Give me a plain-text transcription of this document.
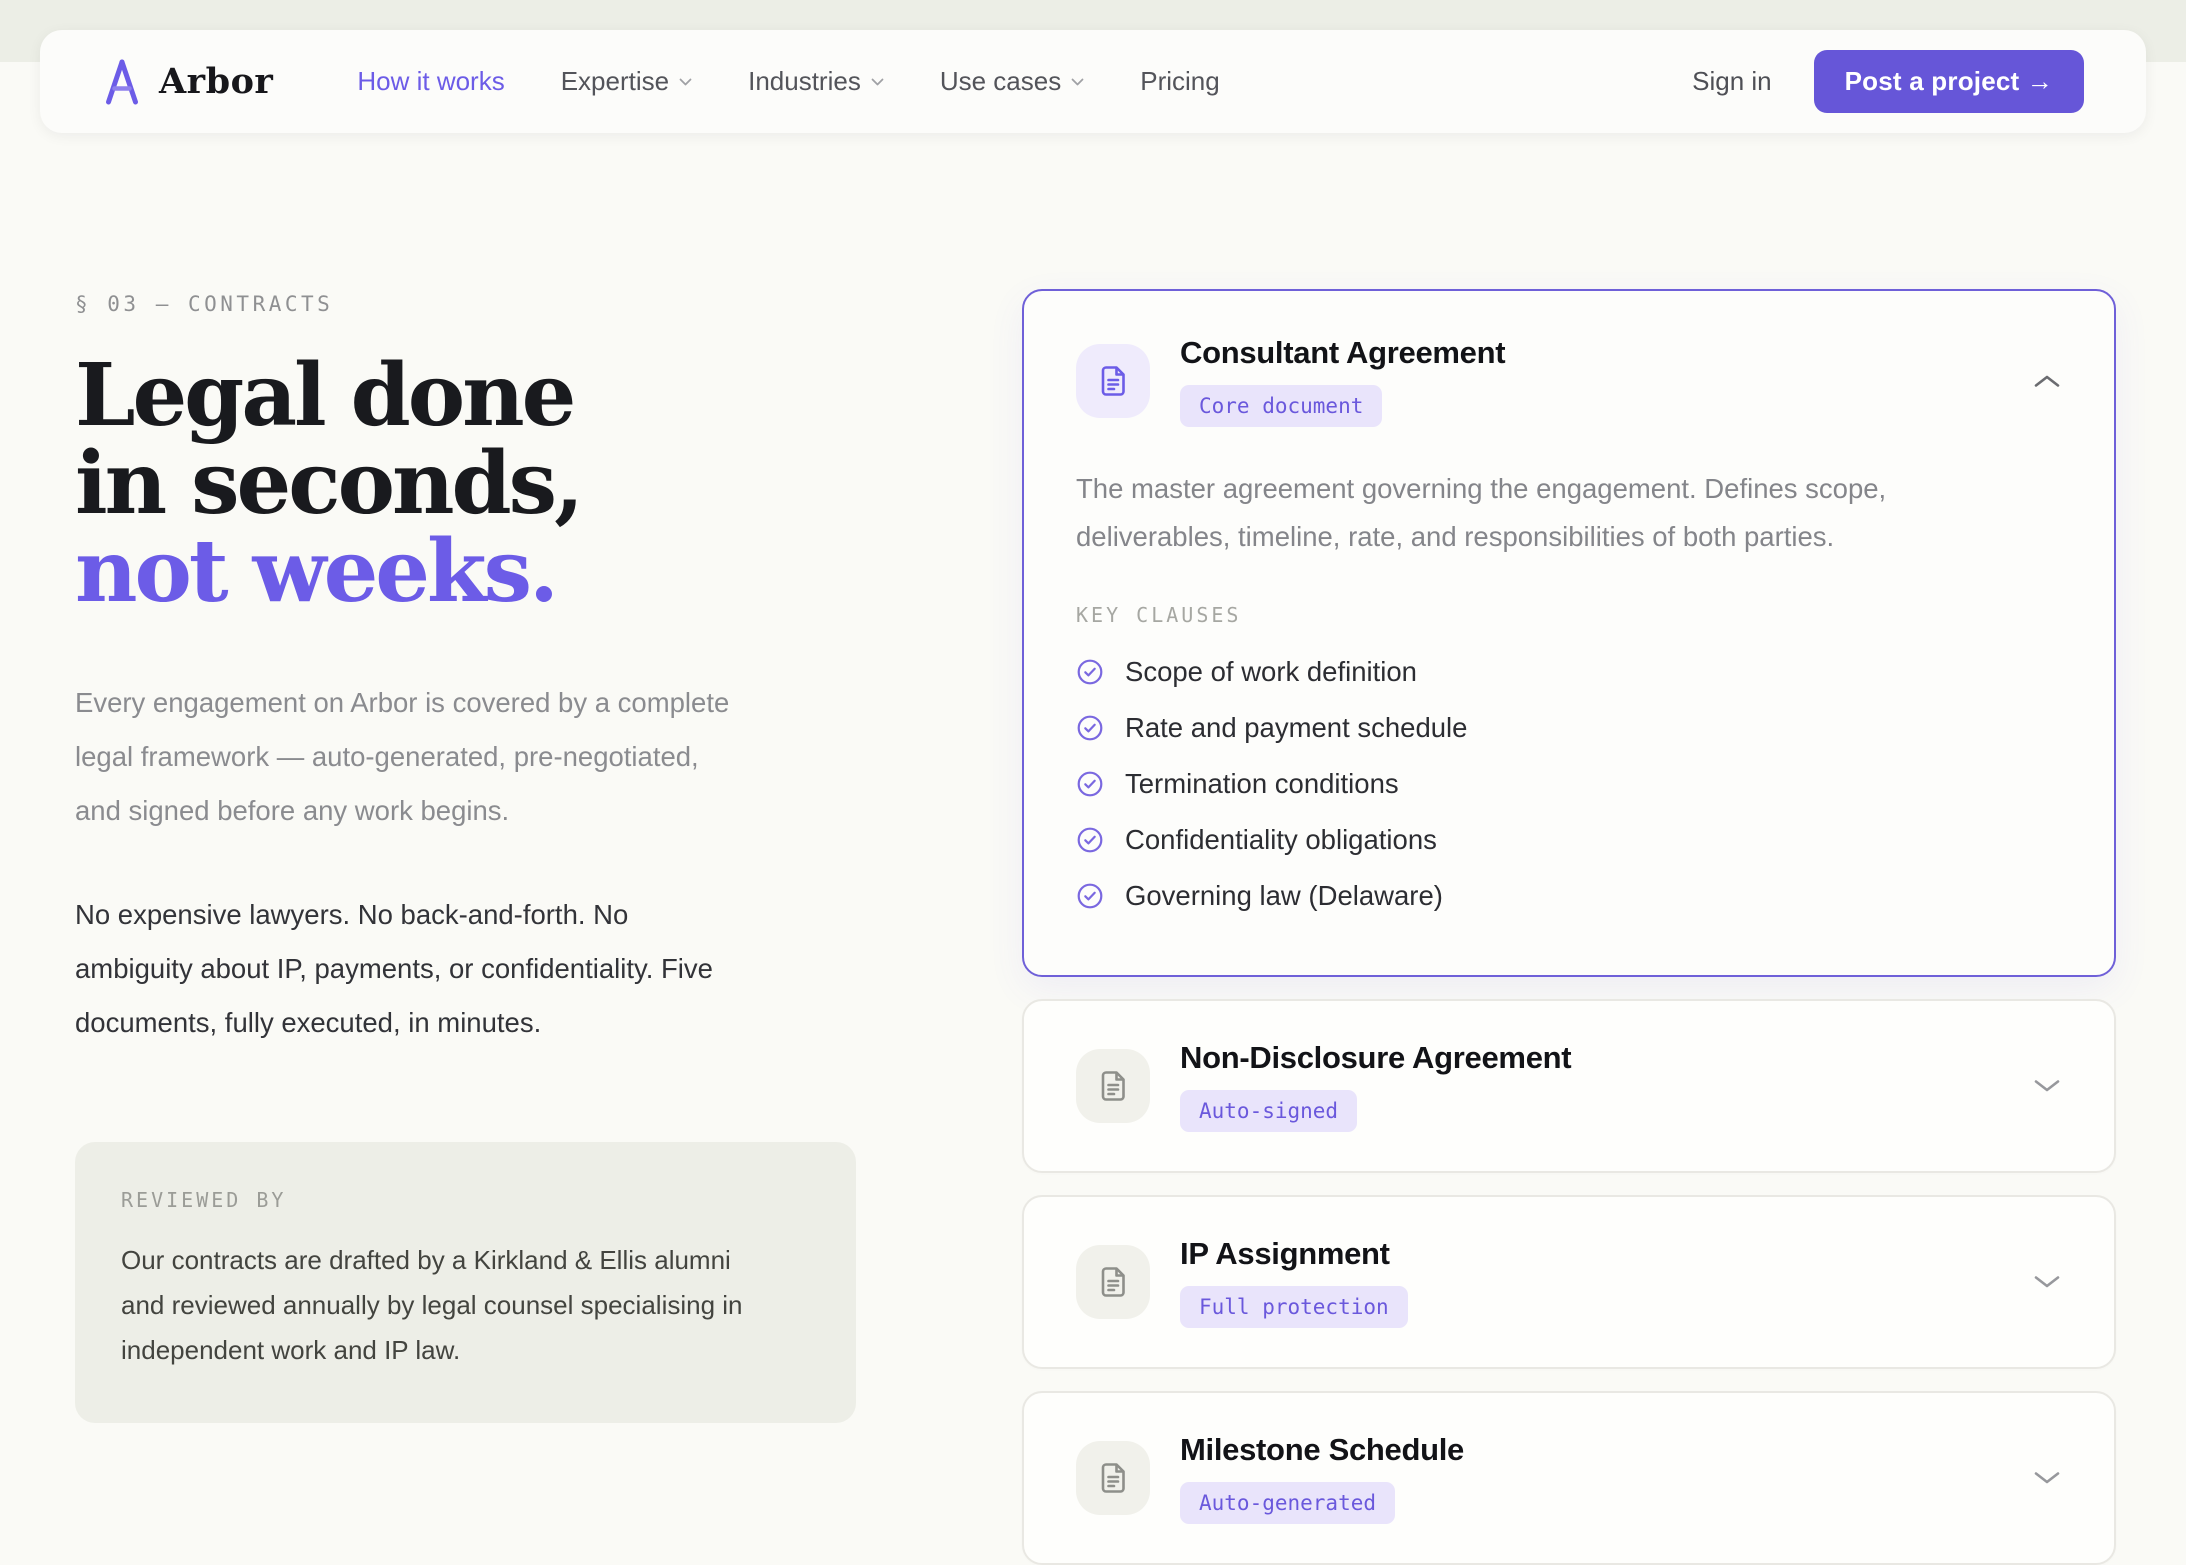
Arbor	How it works Expertise	Industries	Use cases	Pricing	Sign in	Post a project →
§ 03 — CONTRACTS
Legal done
in seconds,
not weeks.
Every engagement on Arbor is covered by a complete
legal framework — auto-generated, pre-negotiated,
and signed before any work begins.
No expensive lawyers. No back-and-forth. No
ambiguity about IP, payments, or confidentiality. Five
documents, fully executed, in minutes.
REVIEWED BY
Our contracts are drafted by a Kirkland & Ellis alumni
and reviewed annually by legal counsel specialising in
independent work and IP law.
Consultant Agreement
Core document
The master agreement governing the engagement. Defines scope,
deliverables, timeline, rate, and responsibilities of both parties.
KEY CLAUSES
Scope of work definition
Rate and payment schedule
Termination conditions
Confidentiality obligations
Governing law (Delaware)
Non-Disclosure Agreement
Auto-signed
IP Assignment
Full protection
Milestone Schedule
Auto-generated
